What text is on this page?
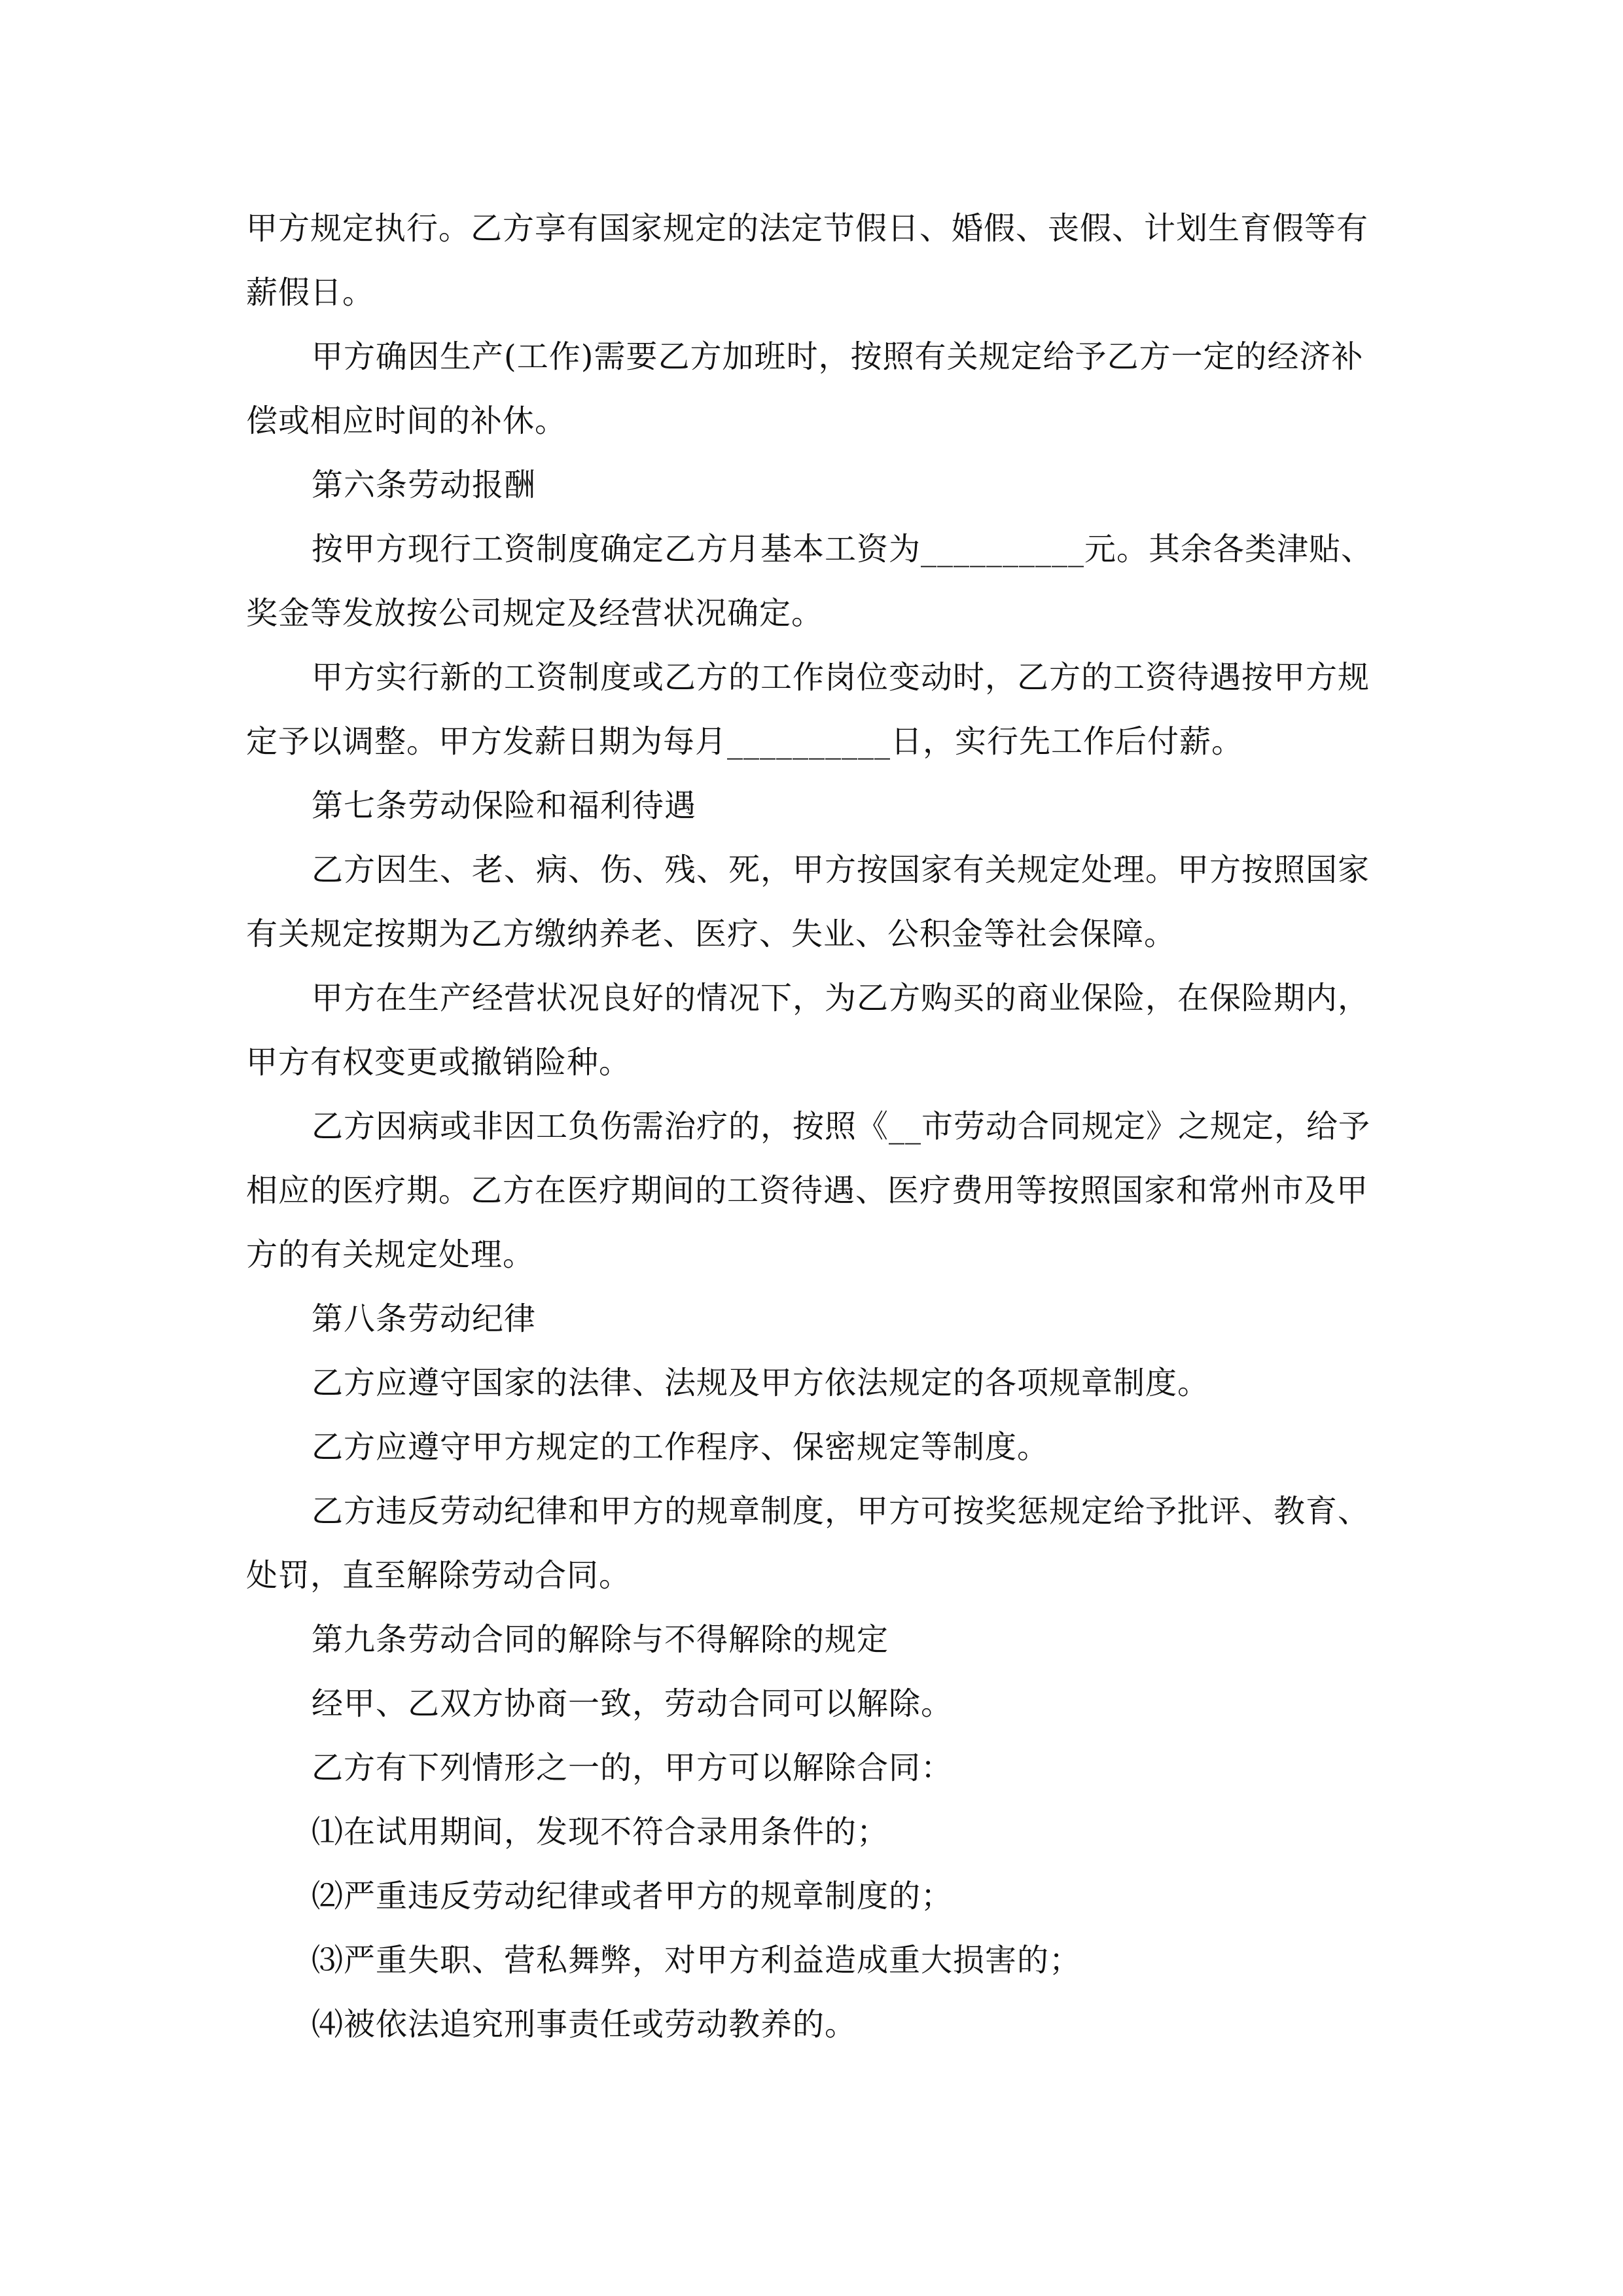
甲方规定执行。乙方享有国家规定的法定节假日、婚假、丧假、计划生育假等有

薪假日。

甲方确因生产(工作)需要乙方加班时，按照有关规定给予乙方一定的经济补

偿或相应时间的补休。

第六条劳动报酬

按甲方现行工资制度确定乙方月基本工资为__________元。其余各类津贴、

奖金等发放按公司规定及经营状况确定。

甲方实行新的工资制度或乙方的工作岗位变动时，乙方的工资待遇按甲方规

定予以调整。甲方发薪日期为每月__________日，实行先工作后付薪。

第七条劳动保险和福利待遇

乙方因生、老、病、伤、残、死，甲方按国家有关规定处理。甲方按照国家

有关规定按期为乙方缴纳养老、医疗、失业、公积金等社会保障。

甲方在生产经营状况良好的情况下，为乙方购买的商业保险，在保险期内，

甲方有权变更或撤销险种。

乙方因病或非因工负伤需治疗的，按照《__市劳动合同规定》之规定，给予

相应的医疗期。乙方在医疗期间的工资待遇、医疗费用等按照国家和常州市及甲

方的有关规定处理。

第八条劳动纪律

乙方应遵守国家的法律、法规及甲方依法规定的各项规章制度。

乙方应遵守甲方规定的工作程序、保密规定等制度。

乙方违反劳动纪律和甲方的规章制度，甲方可按奖惩规定给予批评、教育、

处罚，直至解除劳动合同。

第九条劳动合同的解除与不得解除的规定

经甲、乙双方协商一致，劳动合同可以解除。

乙方有下列情形之一的，甲方可以解除合同：

⑴在试用期间，发现不符合录用条件的；

⑵严重违反劳动纪律或者甲方的规章制度的；

⑶严重失职、营私舞弊，对甲方利益造成重大损害的；

⑷被依法追究刑事责任或劳动教养的。
